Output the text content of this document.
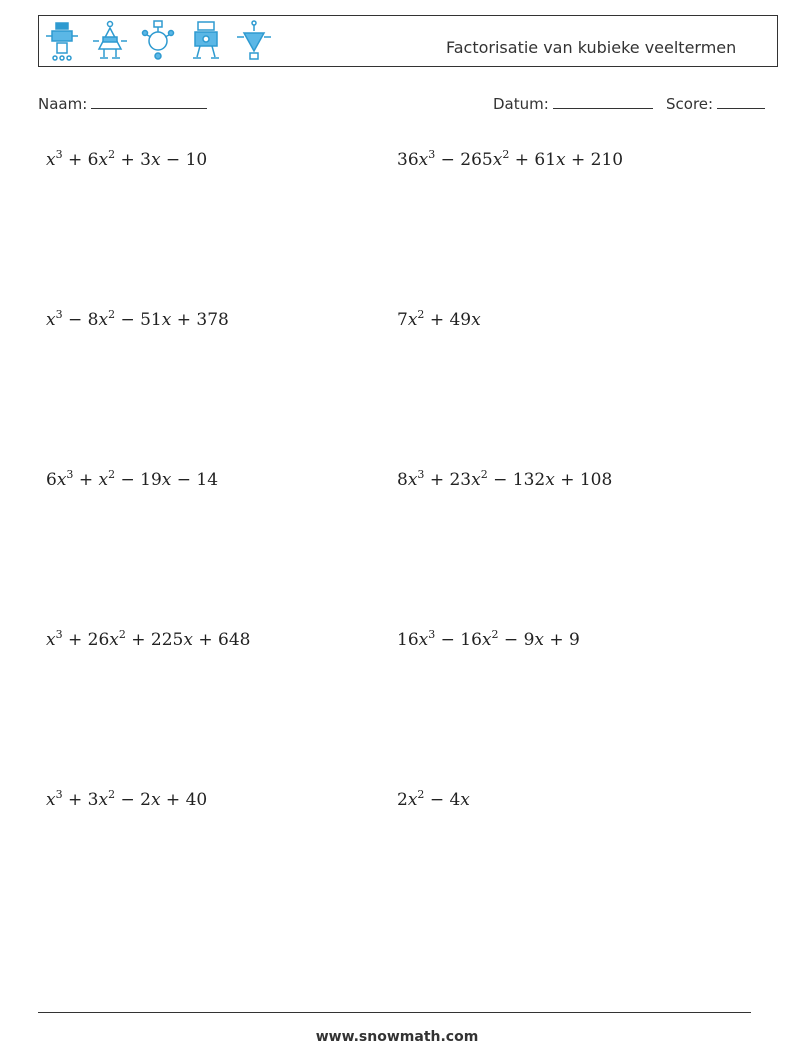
Factorisatie van kubieke veeltermen
Naam:	Datum:	Score:
$x^3 + 6x^2 + 3x - 10$	$36x^3 - 265x^2 + 61x + 210$
$x^3 - 8x^2 - 51x + 378$	$7x^2 + 49x$
$6x^3 + x^2 - 19x - 14$	$8x^3 + 23x^2 - 132x + 108$
$x^3 + 26x^2 + 225x + 648$	$16x^3 - 16x^2 - 9x + 9$
$x^3 + 3x^2 - 2x + 40$	$2x^2 - 4x$
www.snowmath.com
